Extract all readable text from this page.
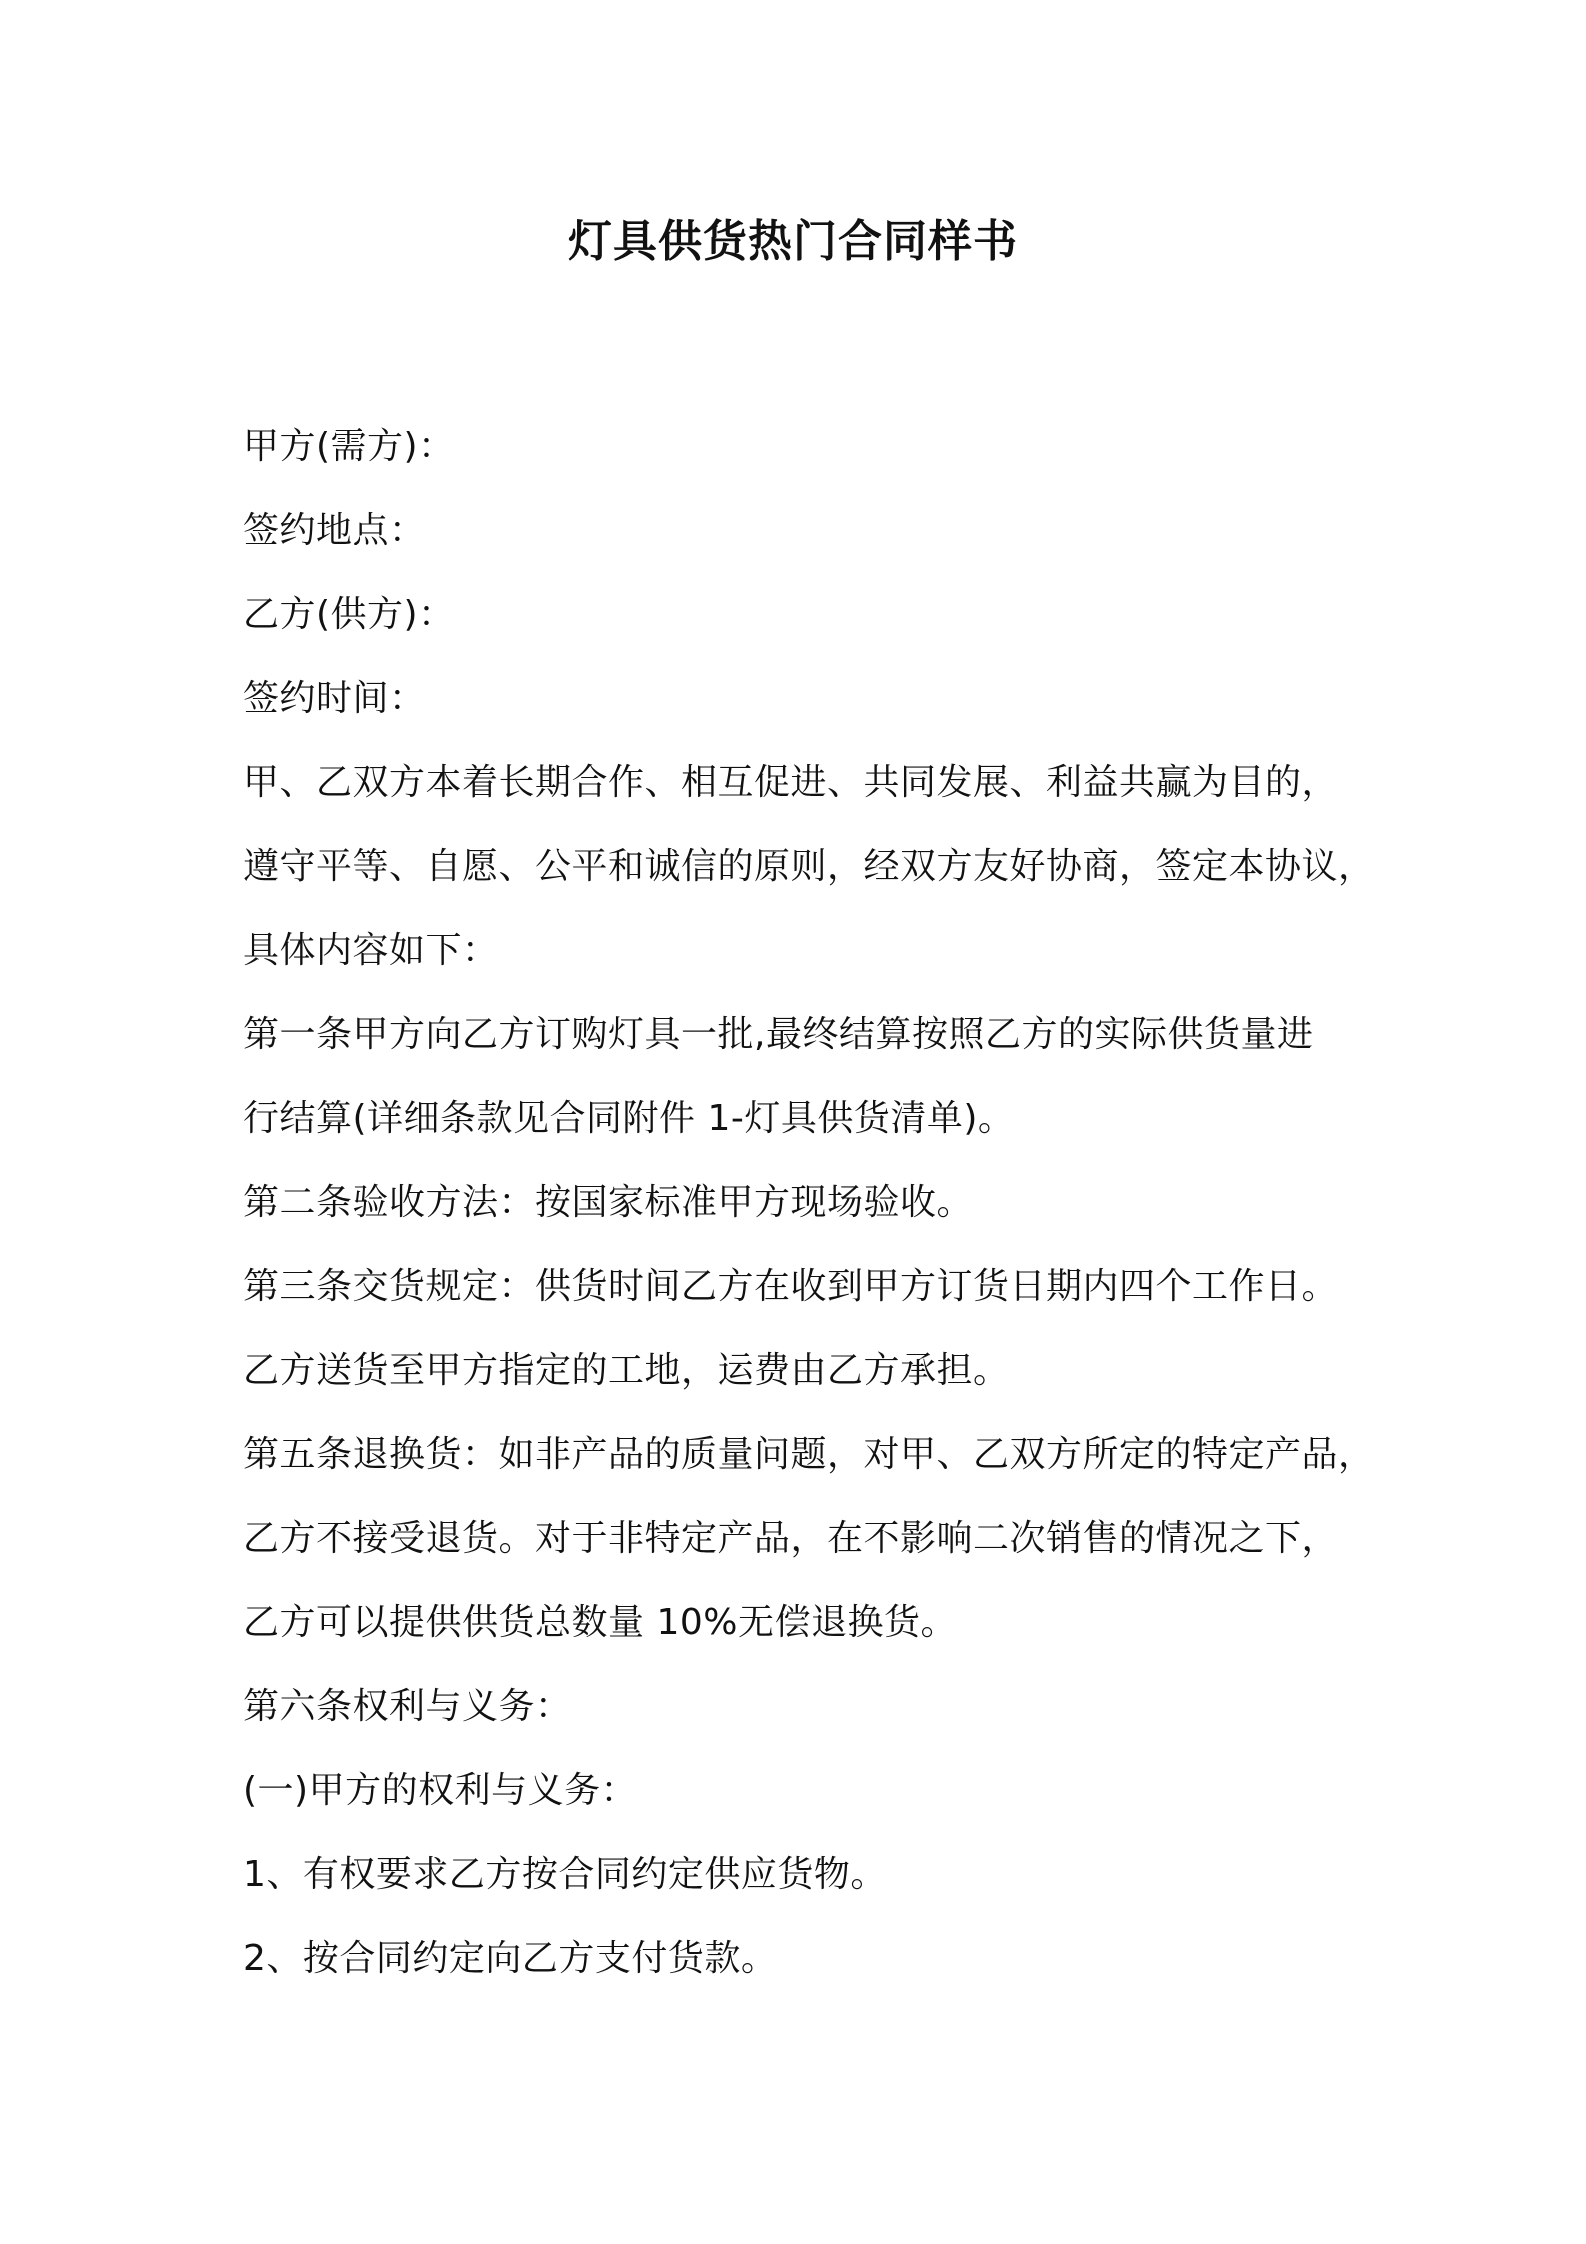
灯具供货热门合同样书
甲方(需方)：
签约地点：
乙方(供方)：
签约时间：
甲、乙双方本着长期合作、相互促进、共同发展、利益共赢为目的，
遵守平等、自愿、公平和诚信的原则，经双方友好协商，签定本协议，
具体内容如下：
第一条甲方向乙方订购灯具一批,最终结算按照乙方的实际供货量进
行结算(详细条款见合同附件 1-灯具供货清单)。
第二条验收方法：按国家标准甲方现场验收。
第三条交货规定：供货时间乙方在收到甲方订货日期内四个工作日。
乙方送货至甲方指定的工地，运费由乙方承担。
第五条退换货：如非产品的质量问题，对甲、乙双方所定的特定产品，
乙方不接受退货。对于非特定产品，在不影响二次销售的情况之下，
乙方可以提供供货总数量 10%无偿退换货。
第六条权利与义务：
(一)甲方的权利与义务：
1、有权要求乙方按合同约定供应货物。
2、按合同约定向乙方支付货款。
